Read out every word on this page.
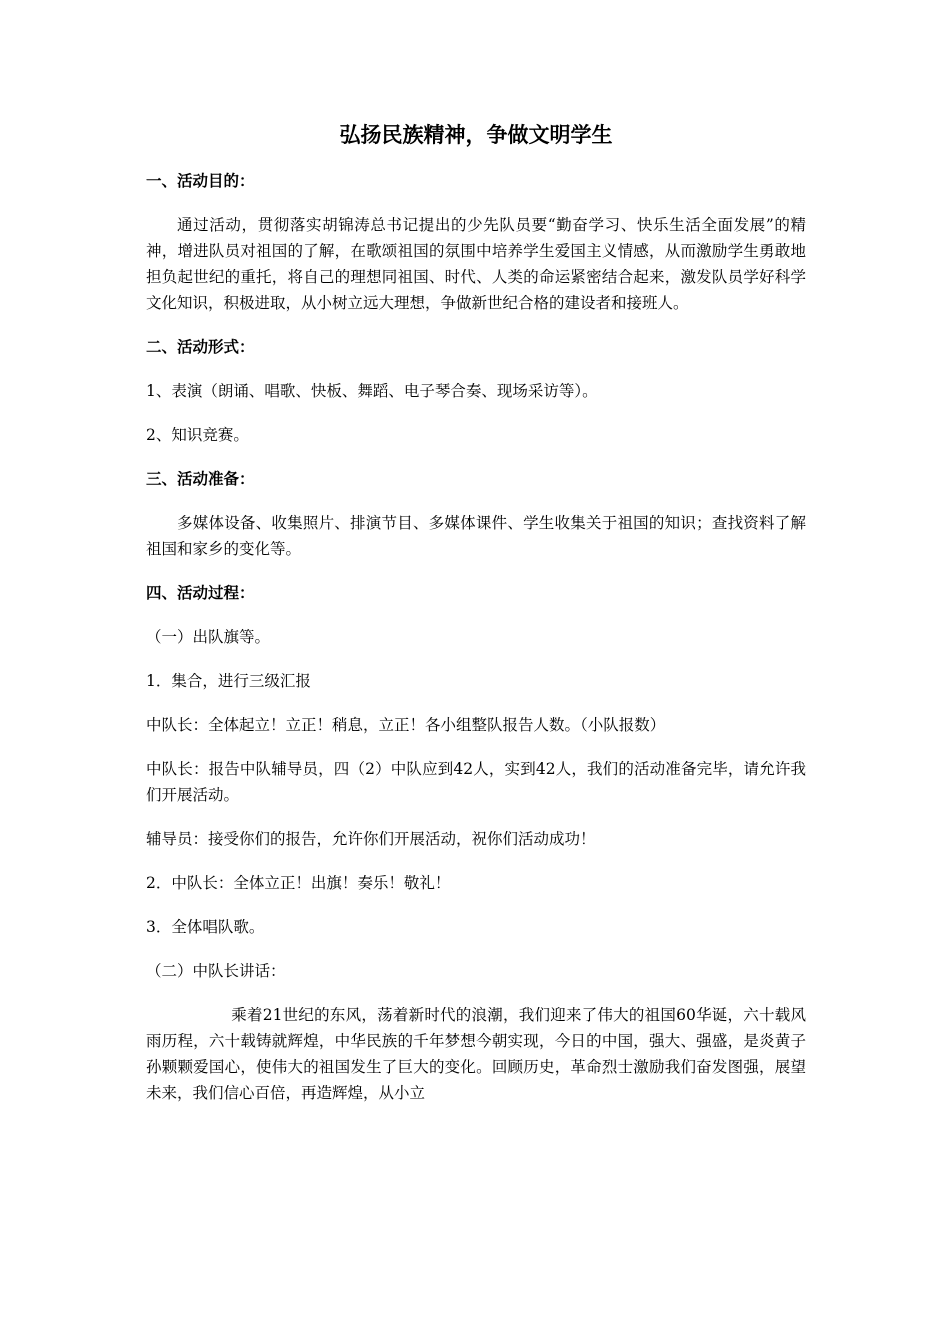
弘扬民族精神，争做文明学生
一、活动目的：

通过活动，贯彻落实胡锦涛总书记提出的少先队员要“勤奋学习、快乐生活全面发展”的精神，增进队员对祖国的了解，在歌颂祖国的氛围中培养学生爱国主义情感，从而激励学生勇敢地担负起世纪的重托，将自己的理想同祖国、时代、人类的命运紧密结合起来，激发队员学好科学文化知识，积极进取，从小树立远大理想，争做新世纪合格的建设者和接班人。

二、活动形式：

1、表演（朗诵、唱歌、快板、舞蹈、电子琴合奏、现场采访等）。

2、知识竞赛。

三、活动准备：

多媒体设备、收集照片、排演节目、多媒体课件、学生收集关于祖国的知识；查找资料了解祖国和家乡的变化等。

四、活动过程：

（一）出队旗等。

1．集合，进行三级汇报

中队长：全体起立！立正！稍息，立正！各小组整队报告人数。（小队报数）

中队长：报告中队辅导员，四（2）中队应到42人，实到42人，我们的活动准备完毕，请允许我们开展活动。

辅导员：接受你们的报告，允许你们开展活动，祝你们活动成功！

2．中队长：全体立正！出旗！奏乐！敬礼！

3．全体唱队歌。

（二）中队长讲话：

乘着21世纪的东风，荡着新时代的浪潮，我们迎来了伟大的祖国60华诞，六十载风雨历程，六十载铸就辉煌，中华民族的千年梦想今朝实现，今日的中国，强大、强盛，是炎黄子孙颗颗爱国心，使伟大的祖国发生了巨大的变化。回顾历史，革命烈士激励我们奋发图强，展望未来，我们信心百倍，再造辉煌，从小立
